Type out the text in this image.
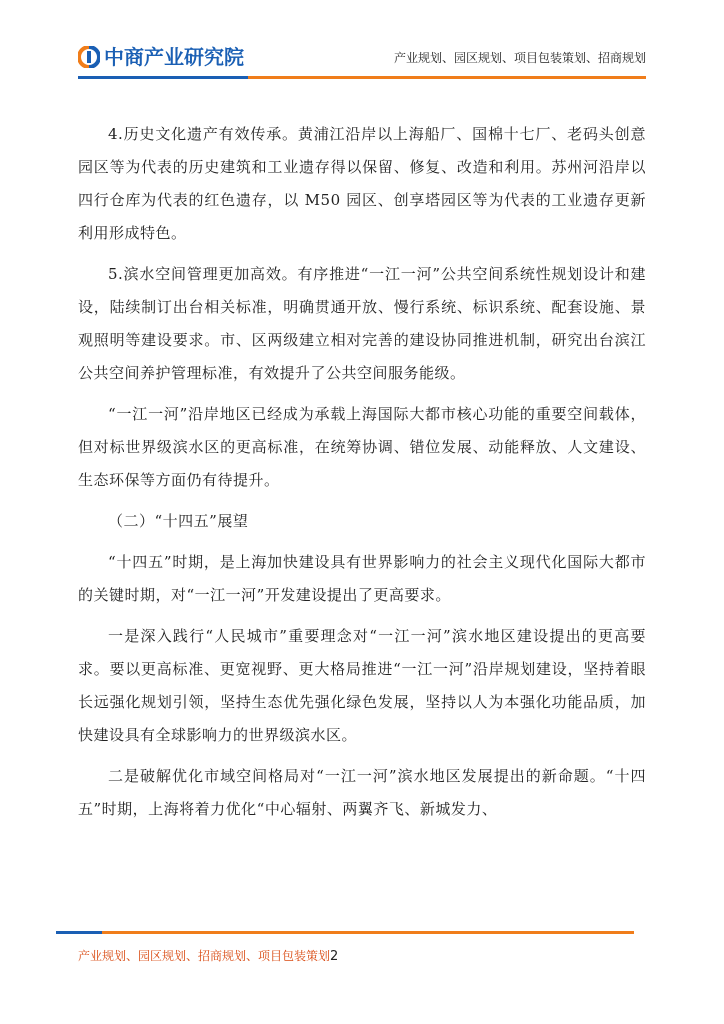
中商产业研究院	产业规划、园区规划、项目包装策划、招商规划

4.历史文化遗产有效传承。黄浦江沿岸以上海船厂、国棉十七厂、老码头创意园区等为代表的历史建筑和工业遗存得以保留、修复、改造和利用。苏州河沿岸以四行仓库为代表的红色遗存，以 M50 园区、创享塔园区等为代表的工业遗存更新利用形成特色。

5.滨水空间管理更加高效。有序推进“一江一河”公共空间系统性规划设计和建设，陆续制订出台相关标准，明确贯通开放、慢行系统、标识系统、配套设施、景观照明等建设要求。市、区两级建立相对完善的建设协同推进机制，研究出台滨江公共空间养护管理标准，有效提升了公共空间服务能级。

“一江一河”沿岸地区已经成为承载上海国际大都市核心功能的重要空间载体，但对标世界级滨水区的更高标准，在统筹协调、错位发展、动能释放、人文建设、生态环保等方面仍有待提升。

（二）“十四五”展望

“十四五”时期，是上海加快建设具有世界影响力的社会主义现代化国际大都市的关键时期，对“一江一河”开发建设提出了更高要求。

一是深入践行“人民城市”重要理念对“一江一河”滨水地区建设提出的更高要求。要以更高标准、更宽视野、更大格局推进“一江一河”沿岸规划建设，坚持着眼长远强化规划引领，坚持生态优先强化绿色发展，坚持以人为本强化功能品质，加快建设具有全球影响力的世界级滨水区。

二是破解优化市域空间格局对“一江一河”滨水地区发展提出的新命题。“十四五”时期，上海将着力优化“中心辐射、两翼齐飞、新城发力、

产业规划、园区规划、招商规划、项目包装策划2
